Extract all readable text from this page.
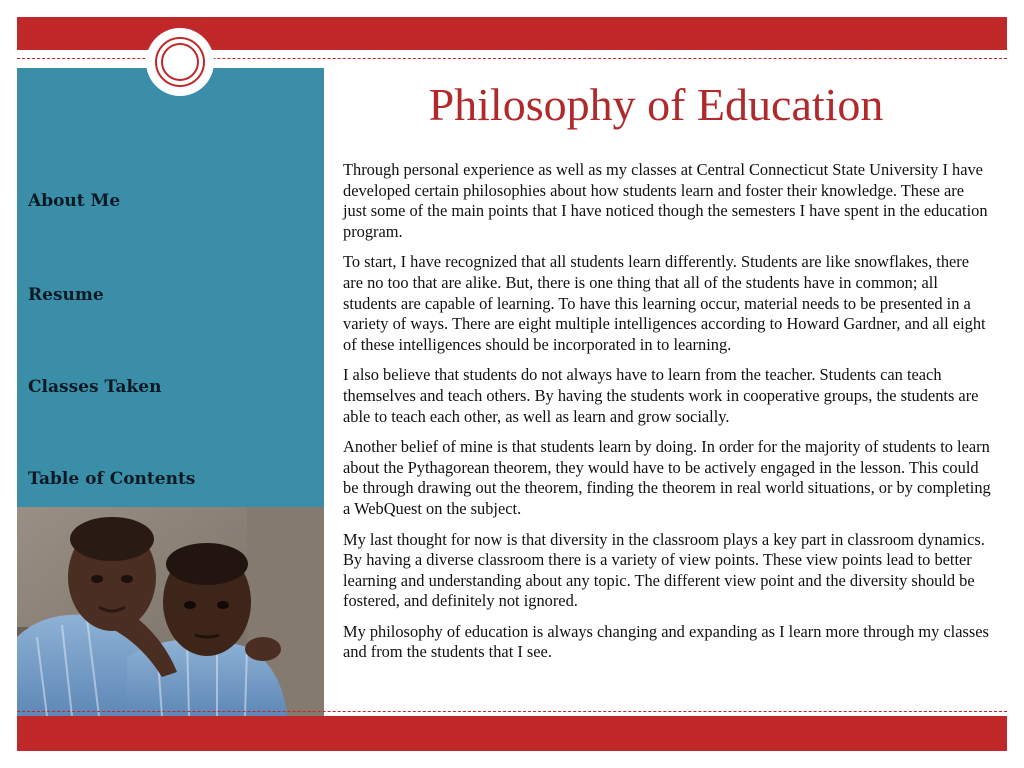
About Me
Resume
Classes Taken
Table of Contents
Philosophy of Education

Through personal experience as well as my classes at Central Connecticut State University I have developed certain philosophies about how students learn and foster their knowledge. These are just some of the main points that I have noticed though the semesters I have spent in the education program.

To start, I have recognized that all students learn differently. Students are like snowflakes, there are no too that are alike. But, there is one thing that all of the students have in common; all students are capable of learning. To have this learning occur, material needs to be presented in a variety of ways. There are eight multiple intelligences according to Howard Gardner, and all eight of these intelligences should be incorporated in to learning.

I also believe that students do not always have to learn from the teacher. Students can teach themselves and teach others. By having the students work in cooperative groups, the students are able to teach each other, as well as learn and grow socially.

Another belief of mine is that students learn by doing. In order for the majority of students to learn about the Pythagorean theorem, they would have to be actively engaged in the lesson. This could be through drawing out the theorem, finding the theorem in real world situations, or by completing a WebQuest on the subject.

My last thought for now is that diversity in the classroom plays a key part in classroom dynamics. By having a diverse classroom there is a variety of view points. These view points lead to better learning and understanding about any topic. The different view point and the diversity should be fostered, and definitely not ignored.

My philosophy of education is always changing and expanding as I learn more through my classes and from the students that I see.
